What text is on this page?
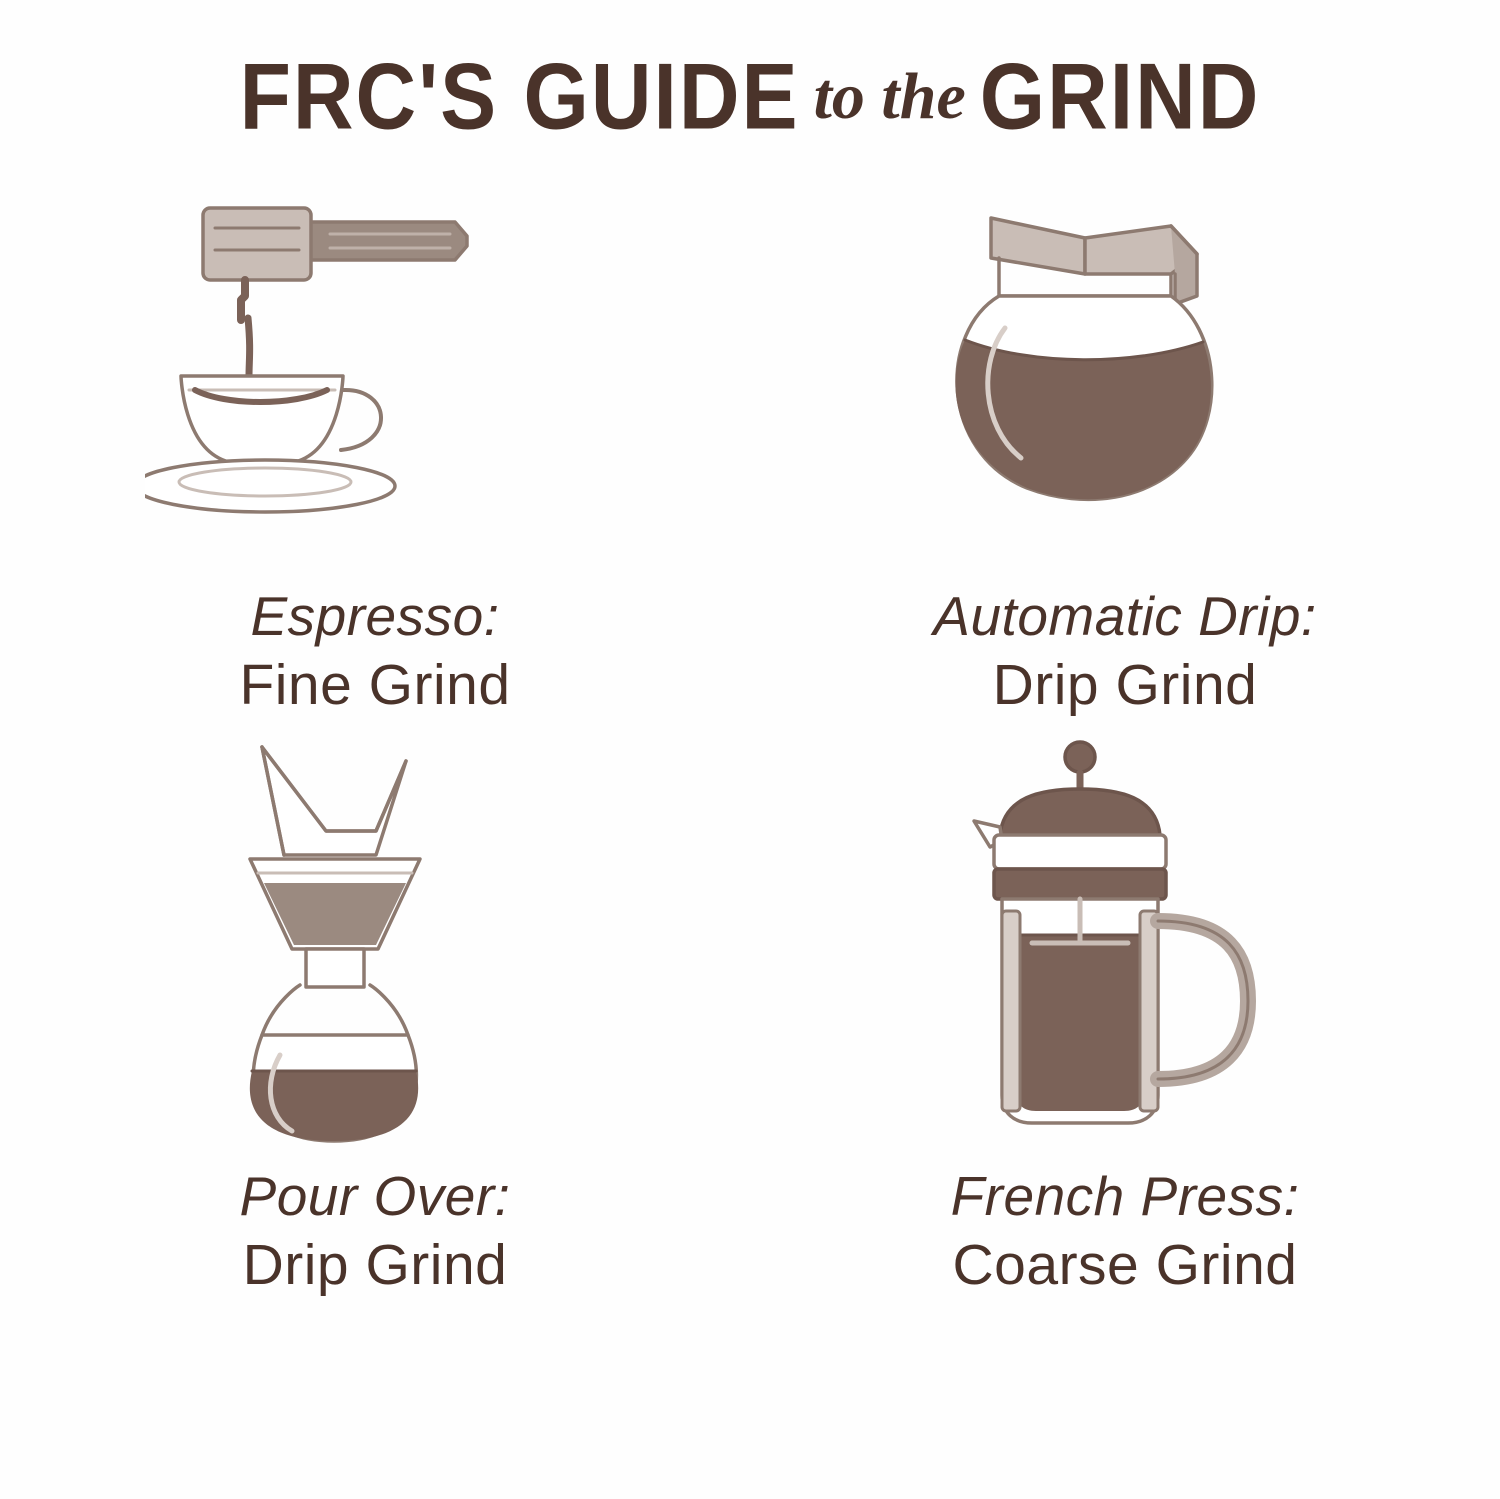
FRC'S GUIDE to the GRIND
Espresso:
Fine Grind
Automatic Drip:
Drip Grind
Pour Over:
Drip Grind
French Press:
Coarse Grind
